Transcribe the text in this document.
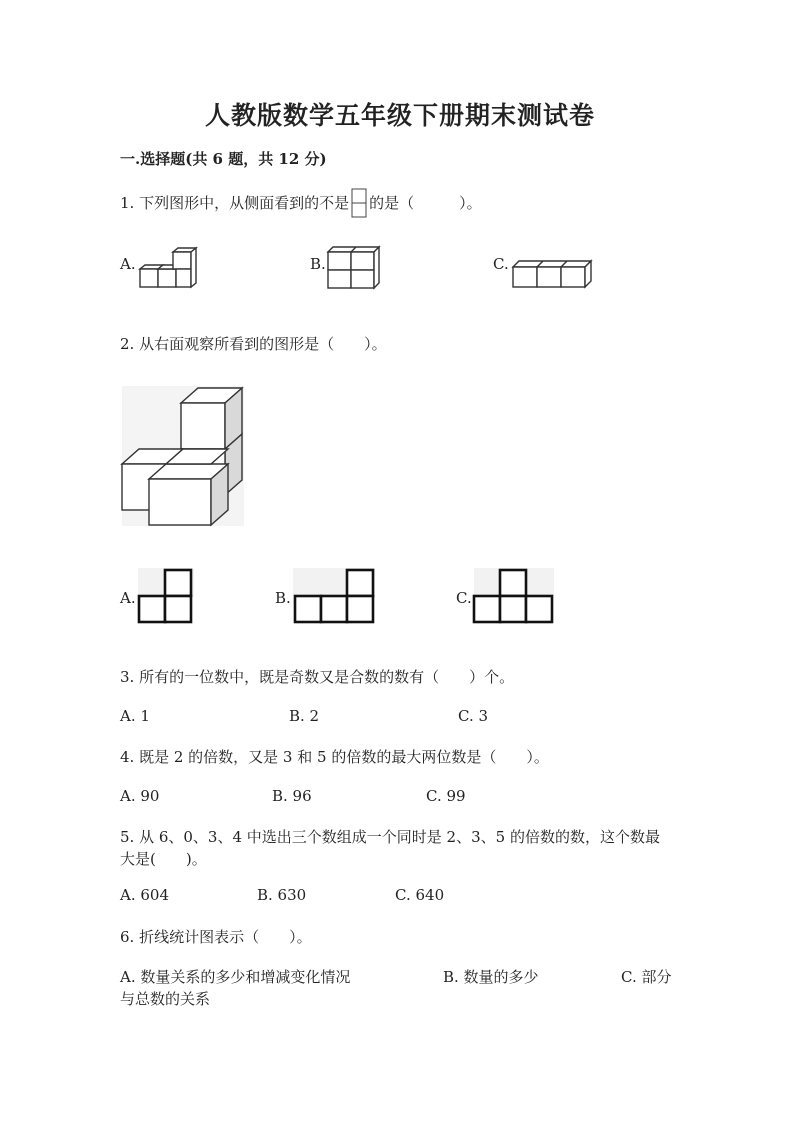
人教版数学五年级下册期末测试卷
一.选择题(共 6 题，共 12 分)
1. 下列图形中，从侧面看到的不是 的是（　　　）。
A.	B.	C.
2. 从右面观察所看到的图形是（　　）。
A.	B.	C.
3. 所有的一位数中，既是奇数又是合数的数有（　　）个。
A. 1	B. 2	C. 3
4. 既是 2 的倍数，又是 3 和 5 的倍数的最大两位数是（　　）。
A. 90	B. 96	C. 99
5. 从 6、0、3、4 中选出三个数组成一个同时是 2、3、5 的倍数的数，这个数最
大是(　　)。
A. 604	B. 630	C. 640
6. 折线统计图表示（　　）。
A. 数量关系的多少和增减变化情况	B. 数量的多少	C. 部分
与总数的关系
